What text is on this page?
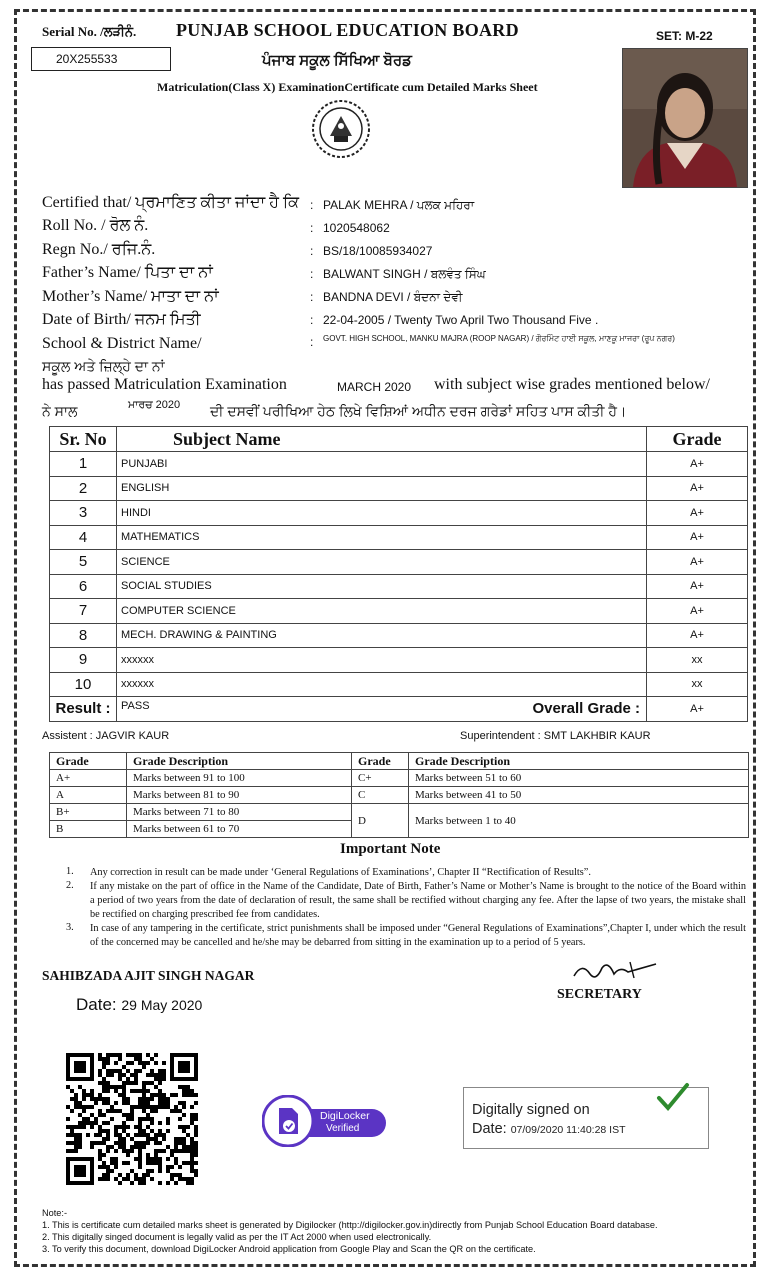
Serial No. /ਲੜੀਨੰ. PUNJAB SCHOOL EDUCATION BOARD	SET: M-22
20X255533	ਪੰਜਾਬ ਸਕੂਲ ਸਿੱਖਿਆ ਬੋਰਡ
Matriculation(Class X) ExaminationCertificate cum Detailed Marks Sheet
Certified that/ ਪ੍ਰਮਾਣਿਤ ਕੀਤਾ ਜਾਂਦਾ ਹੈ ਕਿ : PALAK MEHRA / ਪਲਕ ਮਹਿਰਾ
Roll No. / ਰੋਲ ਨੰ.	: 1020548062
Regn No./ ਰਜਿ.ਨੰ.	: BS/18/10085934027
Father’s Name/ ਪਿਤਾ ਦਾ ਨਾਂ	: BALWANT SINGH / ਬਲਵੰਤ ਸਿੰਘ
Mother’s Name/ ਮਾਤਾ ਦਾ ਨਾਂ	: BANDNA DEVI / ਬੰਦਨਾ ਦੇਵੀ
Date of Birth/ ਜਨਮ ਮਿਤੀ	: 22-04-2005 / Twenty Two April Two Thousand Five .
School & District Name/	: GOVT. HIGH SCHOOL, MANKU MAJRA (ROOP NAGAR) / ਗੌਰਮਿੰਟ ਹਾਈ ਸਕੂਲ, ਮਾਣਕੂ ਮਾਜਰਾ (ਰੂਪ ਨਗਰ)
ਸਕੂਲ ਅਤੇ ਜ਼ਿਲ੍ਹੇ ਦਾ ਨਾਂ
has passed Matriculation Examination	MARCH 2020 with subject wise grades mentioned below/
ਨੇ ਸਾਲ	ਮਾਰਚ 2020 ਦੀ ਦਸਵੀਂ ਪਰੀਖਿਆ ਹੇਠ ਲਿਖੇ ਵਿਸ਼ਿਆਂ ਅਧੀਨ ਦਰਜ ਗਰੇਡਾਂ ਸਹਿਤ ਪਾਸ ਕੀਤੀ ਹੈ।
Sr. No	Subject Name	Grade
1	PUNJABI	A+
2	ENGLISH	A+
3	HINDI	A+
4	MATHEMATICS	A+
5	SCIENCE	A+
6	SOCIAL STUDIES	A+
7	COMPUTER SCIENCE	A+
8	MECH. DRAWING & PAINTING	A+
9	xxxxxx	xx
10	xxxxxx	xx
Result :	PASS Overall Grade :	A+
Assistent : JAGVIR KAUR	Superintendent : SMT LAKHBIR KAUR
Grade	Grade Description	Grade	Grade Description
A+	Marks between 91 to 100	C+	Marks between 51 to 60
A	Marks between 81 to 90	C	Marks between 41 to 50
B+	Marks between 71 to 80	D	Marks between 1 to 40
B	Marks between 61 to 70		
Important Note
1. Any correction in result can be made under ‘General Regulations of Examinations’, Chapter II “Rectification of Results”.
2. If any mistake on the part of office in the Name of the Candidate, Date of Birth, Father’s Name or Mother’s Name is brought to the notice of the Board within a period of two years from the date of declaration of result, the same shall be rectified without charging any fee. After the lapse of two years, the mistake shall be rectified on charging prescribed fee from candidates.
3. In case of any tampering in the certificate, strict punishments shall be imposed under “General Regulations of Examinations”,Chapter I, under which the result of the concerned may be cancelled and he/she may be debarred from sitting in the examination up to a period of 5 years.
SAHIBZADA AJIT SINGH NAGAR
Date: 29 May 2020
SECRETARY
DigiLocker
Verified
Digitally signed on
Date: 07/09/2020 11:40:28 IST
Note:-
1. This is certificate cum detailed marks sheet is generated by Digilocker (http://digilocker.gov.in)directly from Punjab School Education Board database.
2. This digitally singed document is legally valid as per the IT Act 2000 when used electronically.
3. To verify this document, download DigiLocker Android application from Google Play and Scan the QR on the certificate.
